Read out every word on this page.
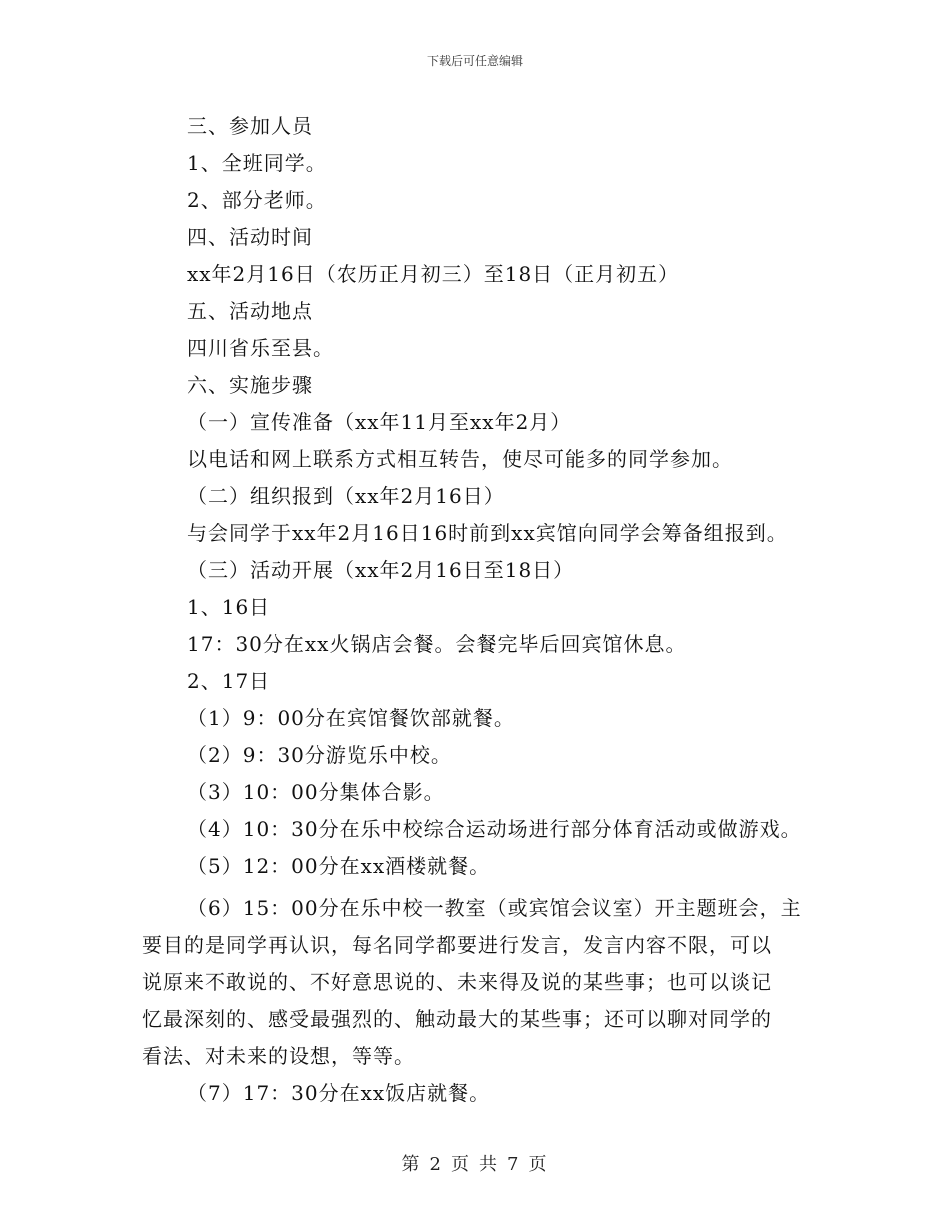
下载后可任意编辑
三、参加人员
1、全班同学。
2、部分老师。
四、活动时间
xx年2月16日（农历正月初三）至18日（正月初五）
五、活动地点
四川省乐至县。
六、实施步骤
（一）宣传准备（xx年11月至xx年2月）
以电话和网上联系方式相互转告，使尽可能多的同学参加。
（二）组织报到（xx年2月16日）
与会同学于xx年2月16日16时前到xx宾馆向同学会筹备组报到。
（三）活动开展（xx年2月16日至18日）
1、16日
17：30分在xx火锅店会餐。会餐完毕后回宾馆休息。
2、17日
（1）9：00分在宾馆餐饮部就餐。
（2）9：30分游览乐中校。
（3）10：00分集体合影。
（4）10：30分在乐中校综合运动场进行部分体育活动或做游戏。
（5）12：00分在xx酒楼就餐。
（6）15：00分在乐中校一教室（或宾馆会议室）开主题班会，主
要目的是同学再认识，每名同学都要进行发言，发言内容不限，可以
说原来不敢说的、不好意思说的、未来得及说的某些事；也可以谈记
忆最深刻的、感受最强烈的、触动最大的某些事；还可以聊对同学的
看法、对未来的设想，等等。
（7）17：30分在xx饭店就餐。
第 2 页 共 7 页
